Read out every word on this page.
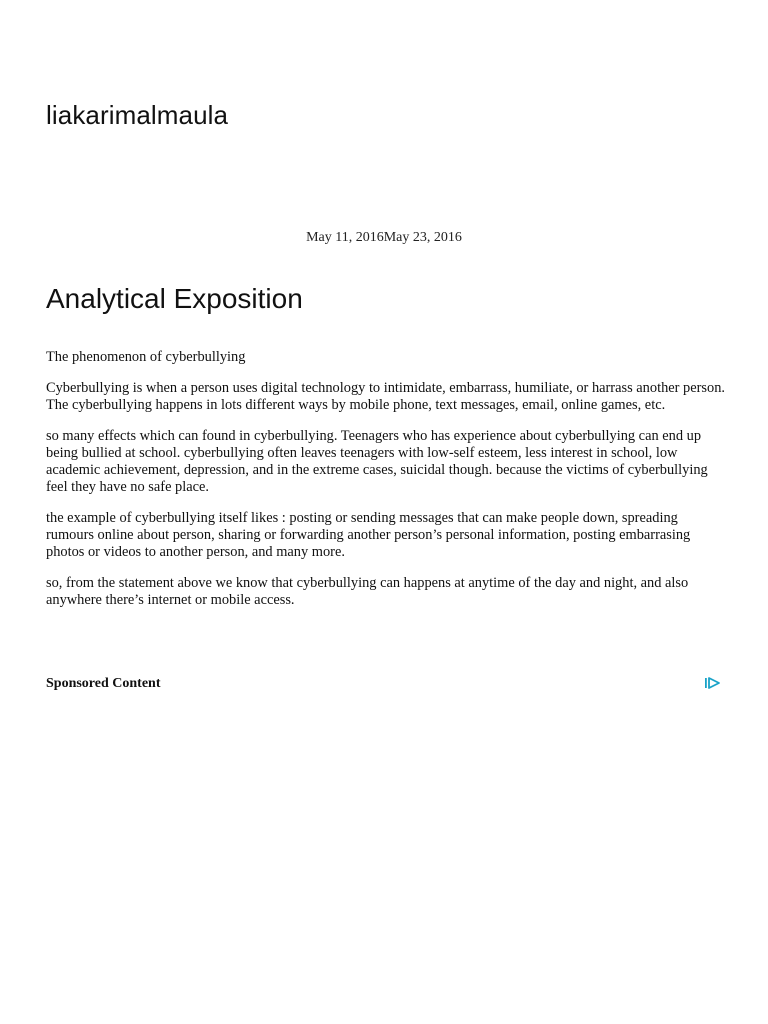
liakarimalmaula
May 11, 2016May 23, 2016
Analytical Exposition

The phenomenon of cyberbullying

Cyberbullying is when a person uses digital technology to intimidate, embarrass, humiliate, or harrass another person. The cyberbullying happens in lots different ways by mobile phone, text messages, email, online games, etc.

so many effects which can found in cyberbullying. Teenagers who has experience about cyberbullying can end up being bullied at school. cyberbullying often leaves teenagers with low-self esteem, less interest in school, low academic achievement, depression, and in the extreme cases, suicidal though. because the victims of cyberbullying feel they have no safe place.

the example of cyberbullying itself likes : posting or sending messages that can make people down, spreading rumours online about person, sharing or forwarding another person’s personal information, posting embarrasing photos or videos to another person, and many more.

so, from the statement above we know that cyberbullying can happens at anytime of the day and night, and also anywhere there’s internet or mobile access.

Sponsored Content
